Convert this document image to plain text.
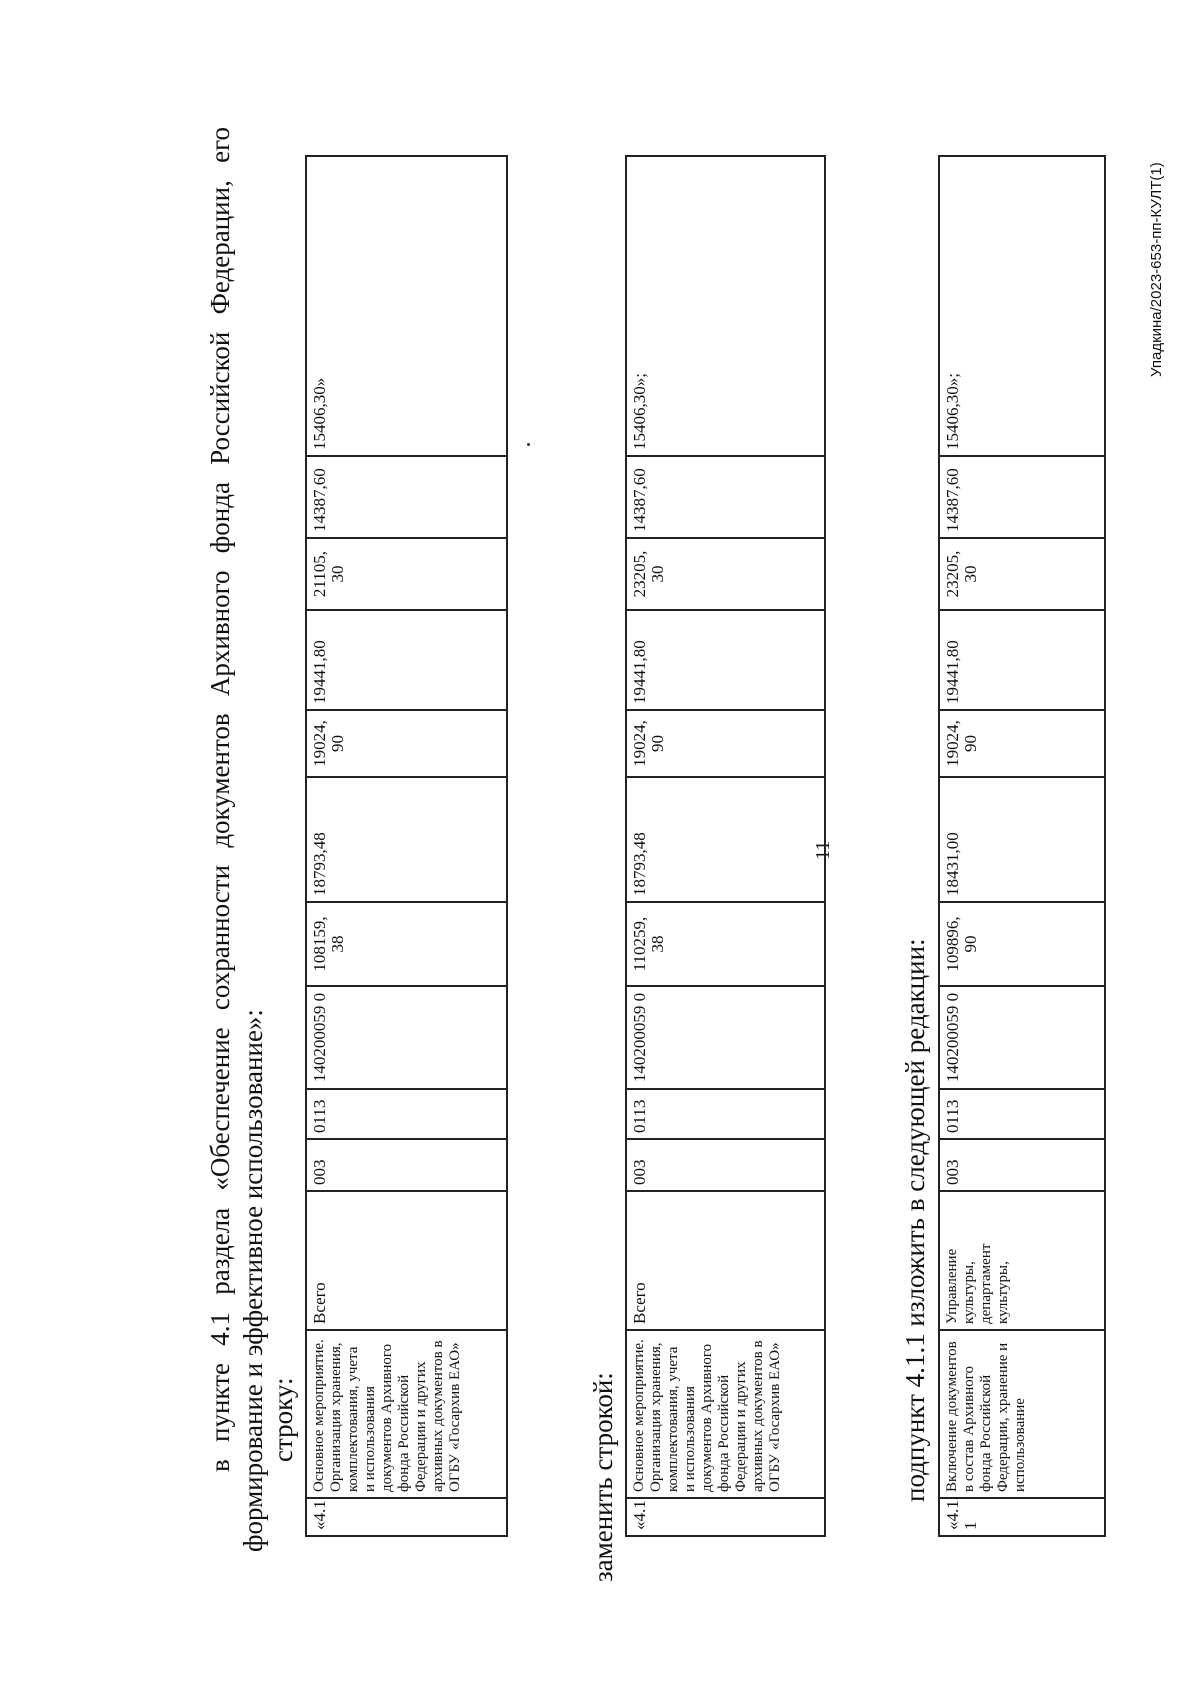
11
в пункте 4.1 раздела «Обеспечение сохранности документов Архивного фонда Российской Федерации, его формирование и эффективное использование»: строку:
«4.1	Основное мероприятие. Организация хранения, комплектования, учета и использования документов Архивного фонда Российской Федерации и других архивных документов в ОГБУ «Госархив ЕАО»	Всего	003	0113	140200059 0	108159, 38	18793,48	19024, 90	19441,80	21105, 30	14387,60	15406,30»
заменить строкой: «4.1	Основное мероприятие. Организация хранения, комплектования, учета и использования документов Архивного фонда Российской Федерации и других архивных документов в ОГБУ «Госархив ЕАО»	Всего	003	0113	140200059 0	110259, 38	18793,48	19024, 90	19441,80	23205, 30	14387,60	15406,30»;
подпункт 4.1.1 изложить в следующей редакции:
«4.1. 1	Включение документов в состав Архивного фонда Российской Федерации, хранение и использование	Управление культуры, департамент культуры,	003	0113	140200059 0	109896, 90	18431,00	19024, 90	19441,80	23205, 30	14387,60	15406,30»;
Упадкина/2023-653-пп-КУЛТ(1)
